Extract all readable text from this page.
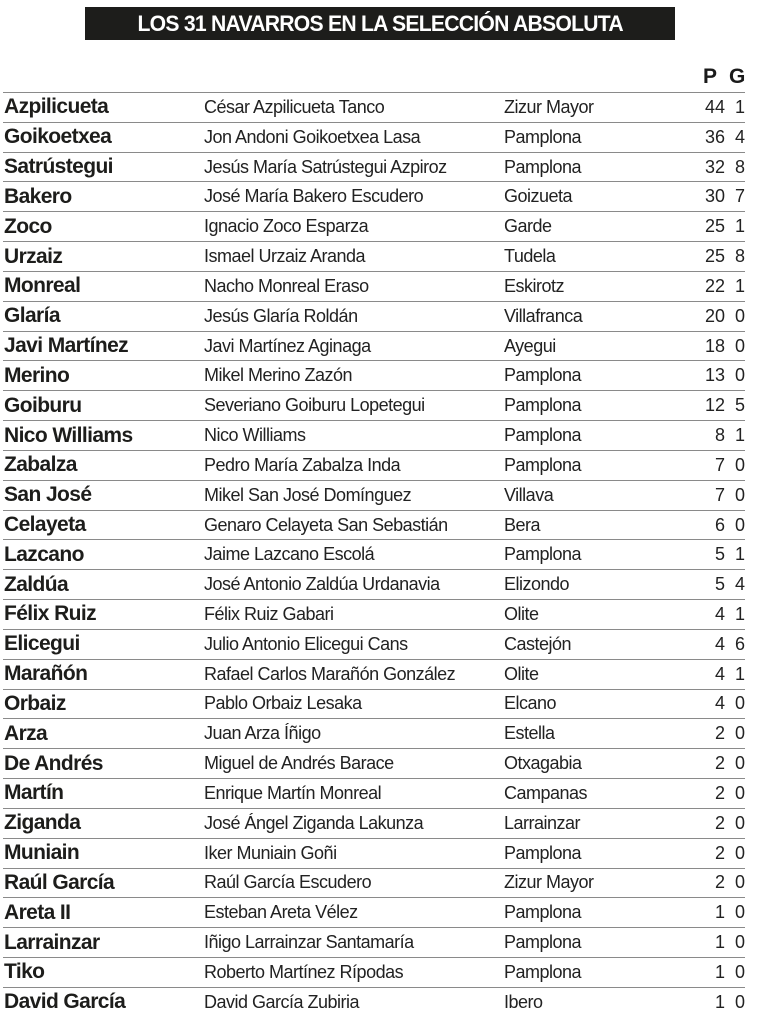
LOS 31 NAVARROS EN LA SELECCIÓN ABSOLUTA
P G
Azpilicueta	César Azpilicueta Tanco	Zizur Mayor	44 1
Goikoetxea	Jon Andoni Goikoetxea Lasa	Pamplona	36 4
Satrústegui	Jesús María Satrústegui Azpiroz	Pamplona	32 8
Bakero	José María Bakero Escudero	Goizueta	30 7
Zoco	Ignacio Zoco Esparza	Garde	25 1
Urzaiz	Ismael Urzaiz Aranda	Tudela	25 8
Monreal	Nacho Monreal Eraso	Eskirotz	22 1
Glaría	Jesús Glaría Roldán	Villafranca	20 0
Javi Martínez	Javi Martínez Aginaga	Ayegui	18 0
Merino	Mikel Merino Zazón	Pamplona	13 0
Goiburu	Severiano Goiburu Lopetegui	Pamplona	12 5
Nico Williams	Nico Williams	Pamplona	8 1
Zabalza	Pedro María Zabalza Inda	Pamplona	7 0
San José	Mikel San José Domínguez	Villava	7 0
Celayeta	Genaro Celayeta San Sebastián	Bera	6 0
Lazcano	Jaime Lazcano Escolá	Pamplona	5 1
Zaldúa	José Antonio Zaldúa Urdanavia	Elizondo	5 4
Félix Ruiz	Félix Ruiz Gabari	Olite	4 1
Elicegui	Julio Antonio Elicegui Cans	Castejón	4 6
Marañón	Rafael Carlos Marañón González	Olite	4 1
Orbaiz	Pablo Orbaiz Lesaka	Elcano	4 0
Arza	Juan Arza Íñigo	Estella	2 0
De Andrés	Miguel de Andrés Barace	Otxagabia	2 0
Martín	Enrique Martín Monreal	Campanas	2 0
Ziganda	José Ángel Ziganda Lakunza	Larrainzar	2 0
Muniain	Iker Muniain Goñi	Pamplona	2 0
Raúl García	Raúl García Escudero	Zizur Mayor	2 0
Areta II	Esteban Areta Vélez	Pamplona	1 0
Larrainzar	Iñigo Larrainzar Santamaría	Pamplona	1 0
Tiko	Roberto Martínez Rípodas	Pamplona	1 0
David García	David García Zubiria	Ibero	1 0
